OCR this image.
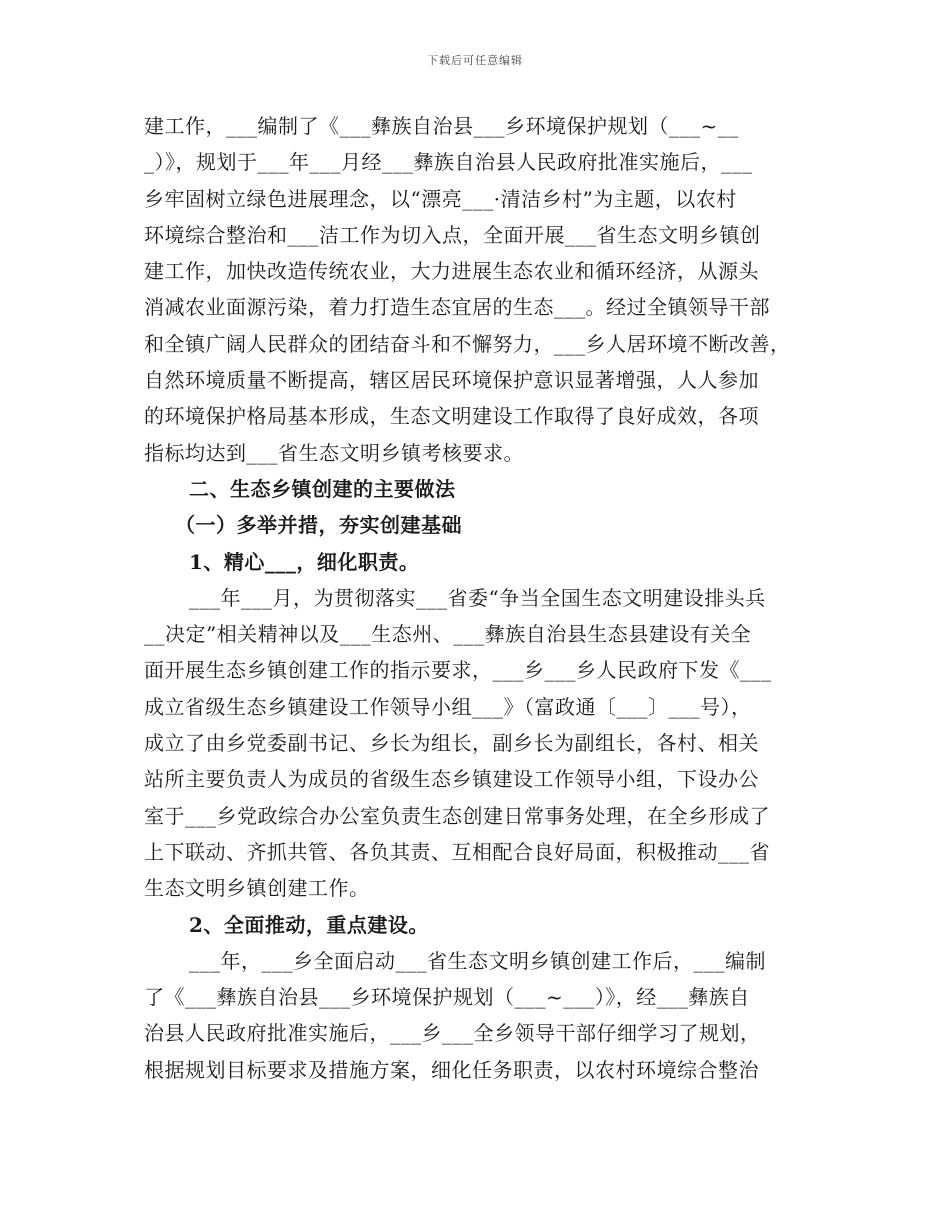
下载后可任意编辑
建工作，___编制了《___彝族自治县___乡环境保护规划（___~__
_）》，规划于___年___月经___彝族自治县人民政府批准实施后，___
乡牢固树立绿色进展理念，以“漂亮___·清洁乡村”为主题，以农村
环境综合整治和___洁工作为切入点，全面开展___省生态文明乡镇创
建工作，加快改造传统农业，大力进展生态农业和循环经济，从源头
消减农业面源污染，着力打造生态宜居的生态___。经过全镇领导干部
和全镇广阔人民群众的团结奋斗和不懈努力，___乡人居环境不断改善，
自然环境质量不断提高，辖区居民环境保护意识显著增强，人人参加
的环境保护格局基本形成，生态文明建设工作取得了良好成效，各项
指标均达到___省生态文明乡镇考核要求。
二、生态乡镇创建的主要做法
（一）多举并措，夯实创建基础
1、精心___，细化职责。
___年___月，为贯彻落实___省委“争当全国生态文明建设排头兵
__决定”相关精神以及___生态州、___彝族自治县生态县建设有关全
面开展生态乡镇创建工作的指示要求，___乡___乡人民政府下发《___
成立省级生态乡镇建设工作领导小组___》（富政通〔___〕___号），
成立了由乡党委副书记、乡长为组长，副乡长为副组长，各村、相关
站所主要负责人为成员的省级生态乡镇建设工作领导小组，下设办公
室于___乡党政综合办公室负责生态创建日常事务处理，在全乡形成了
上下联动、齐抓共管、各负其责、互相配合良好局面，积极推动___省
生态文明乡镇创建工作。
2、全面推动，重点建设。
___年，___乡全面启动___省生态文明乡镇创建工作后，___编制
了《___彝族自治县___乡环境保护规划（___~___）》，经___彝族自
治县人民政府批准实施后，___乡___全乡领导干部仔细学习了规划，
根据规划目标要求及措施方案，细化任务职责，以农村环境综合整治
